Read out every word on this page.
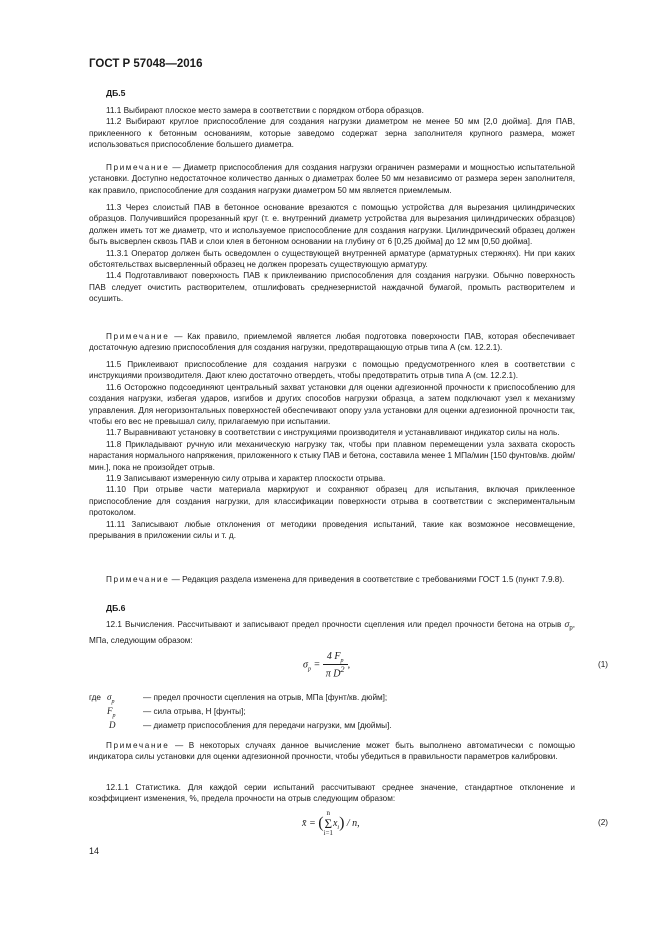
ГОСТ Р 57048—2016
ДБ.5

11.1 Выбирают плоское место замера в соответствии с порядком отбора образцов.

11.2 Выбирают круглое приспособление для создания нагрузки диаметром не менее 50 мм [2,0 дюйма]. Для ПАВ, приклеенного к бетонным основаниям, которые заведомо содержат зерна заполнителя крупного размера, может использоваться приспособление большего диаметра.

Примечание — Диаметр приспособления для создания нагрузки ограничен размерами и мощностью испытательной установки. Доступно недостаточное количество данных о диаметрах более 50 мм независимо от размера зерен заполнителя, как правило, приспособление для создания нагрузки диаметром 50 мм является приемлемым.

11.3 Через слоистый ПАВ в бетонное основание врезаются с помощью устройства для вырезания цилиндрических образцов. Получившийся прорезанный круг (т. е. внутренний диаметр устройства для вырезания цилиндрических образцов) должен иметь тот же диаметр, что и используемое приспособление для создания нагрузки. Цилиндрический образец должен быть высверлен сквозь ПАВ и слои клея в бетонном основании на глубину от 6 [0,25 дюйма] до 12 мм [0,50 дюйма].

11.3.1 Оператор должен быть осведомлен о существующей внутренней арматуре (арматурных стержнях). Ни при каких обстоятельствах высверленный образец не должен прорезать существующую арматуру.

11.4 Подготавливают поверхность ПАВ к приклеиванию приспособления для создания нагрузки. Обычно поверхность ПАВ следует очистить растворителем, отшлифовать среднезернистой наждачной бумагой, промыть растворителем и осушить.

Примечание — Как правило, приемлемой является любая подготовка поверхности ПАВ, которая обеспечивает достаточную адгезию приспособления для создания нагрузки, предотвращающую отрыв типа А (см. 12.2.1).

11.5 Приклеивают приспособление для создания нагрузки с помощью предусмотренного клея в соответствии с инструкциями производителя. Дают клею достаточно отвердеть, чтобы предотвратить отрыв типа А (см. 12.2.1).

11.6 Осторожно подсоединяют центральный захват установки для оценки адгезионной прочности к приспособлению для создания нагрузки, избегая ударов, изгибов и других способов нагрузки образца, а затем подключают узел к механизму управления. Для негоризонтальных поверхностей обеспечивают опору узла установки для оценки адгезионной прочности так, чтобы его вес не превышал силу, прилагаемую при испытании.

11.7 Выравнивают установку в соответствии с инструкциями производителя и устанавливают индикатор силы на ноль.

11.8 Прикладывают ручную или механическую нагрузку так, чтобы при плавном перемещении узла захвата скорость нарастания нормального напряжения, приложенного к стыку ПАВ и бетона, составила менее 1 МПа/мин [150 фунтов/кв. дюйм/мин.], пока не произойдет отрыв.

11.9 Записывают измеренную силу отрыва и характер плоскости отрыва.

11.10 При отрыве части материала маркируют и сохраняют образец для испытания, включая приклеенное приспособление для создания нагрузки, для классификации поверхности отрыва в соответствии с экспериментальным протоколом.

11.11 Записывают любые отклонения от методики проведения испытаний, такие как возможное несовмещение, прерывания в приложении силы и т. д.

Примечание — Редакция раздела изменена для приведения в соответствие с требованиями ГОСТ 1.5 (пункт 7.9.8).

ДБ.6

12.1 Вычисления. Рассчитывают и записывают предел прочности сцепления или предел прочности бетона на отрыв $\sigma_p$, МПа, следующим образом:

$\sigma_p = \frac{4 F_p}{\pi D^2}$ ,	(1)
где $\sigma_p$	— предел прочности сцепления на отрыв, МПа [фунт/кв. дюйм];
$F_p$	— сила отрыва, Н [фунты];
D	— диаметр приспособления для передачи нагрузки, мм [дюймы].

Примечание — В некоторых случаях данное вычисление может быть выполнено автоматически с помощью индикатора силы установки для оценки адгезионной прочности, чтобы убедиться в правильности параметров калибровки.

12.1.1 Статистика. Для каждой серии испытаний рассчитывают среднее значение, стандартное отклонение и коэффициент изменения, %, предела прочности на отрыв следующим образом:

x̄ = (n
Σ
$i=1x_i) / n$,	(2)
14
